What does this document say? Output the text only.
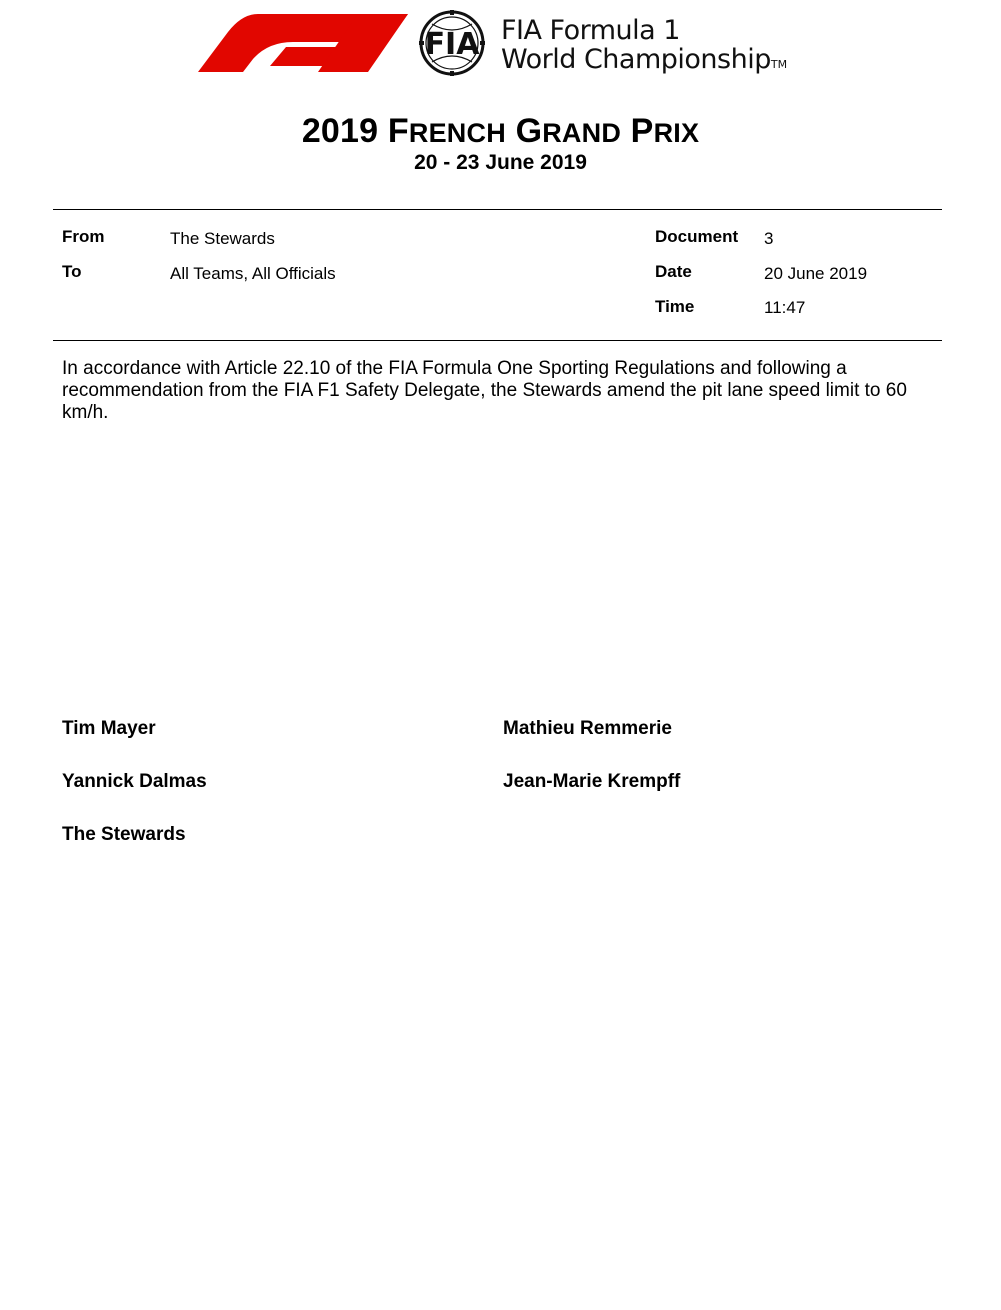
FIA FIA Formula 1
World ChampionshipTM
2019 FRENCH GRAND PRIX
20 - 23 June 2019
From	The Stewards
To	All Teams, All Officials
Document 3
Date	20 June 2019
Time	11:47
In accordance with Article 22.10 of the FIA Formula One Sporting Regulations and following a recommendation from the FIA F1 Safety Delegate, the Stewards amend the pit lane speed limit to 60 km/h.
Tim Mayer
Yannick Dalmas
The Stewards
Mathieu Remmerie
Jean-Marie Krempff
